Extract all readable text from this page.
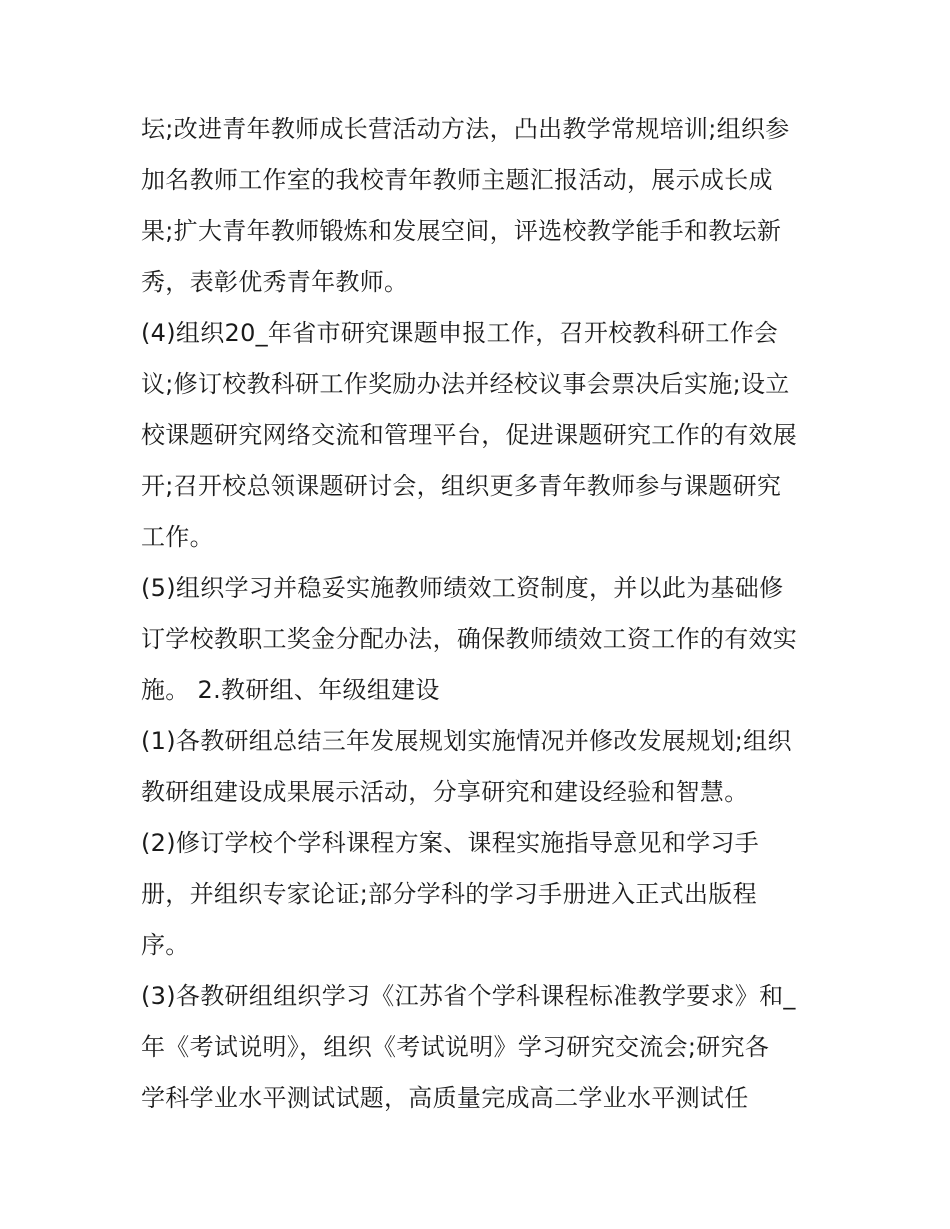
坛;改进青年教师成长营活动方法，凸出教学常规培训;组织参
加名教师工作室的我校青年教师主题汇报活动，展示成长成
果;扩大青年教师锻炼和发展空间，评选校教学能手和教坛新
秀，表彰优秀青年教师。
(4)组织20_年省市研究课题申报工作，召开校教科研工作会
议;修订校教科研工作奖励办法并经校议事会票决后实施;设立
校课题研究网络交流和管理平台，促进课题研究工作的有效展
开;召开校总领课题研讨会，组织更多青年教师参与课题研究
工作。
(5)组织学习并稳妥实施教师绩效工资制度，并以此为基础修
订学校教职工奖金分配办法，确保教师绩效工资工作的有效实
施。 2.教研组、年级组建设
(1)各教研组总结三年发展规划实施情况并修改发展规划;组织
教研组建设成果展示活动，分享研究和建设经验和智慧。
(2)修订学校个学科课程方案、课程实施指导意见和学习手
册，并组织专家论证;部分学科的学习手册进入正式出版程
序。
(3)各教研组组织学习《江苏省个学科课程标准教学要求》和_
年《考试说明》，组织《考试说明》学习研究交流会;研究各
学科学业水平测试试题，高质量完成高二学业水平测试任
